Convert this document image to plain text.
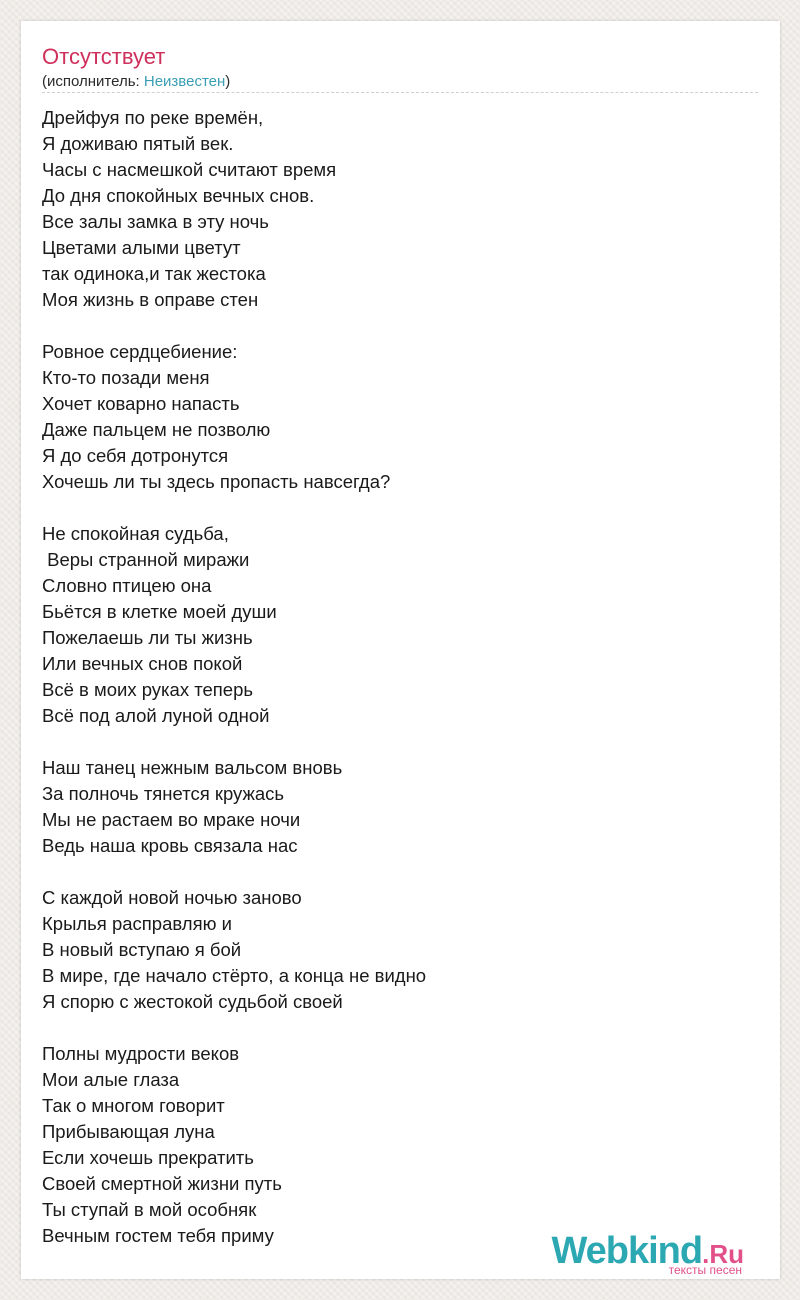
Отсутствует
(исполнитель: Неизвестен)
Дрейфуя по реке времён,
Я доживаю пятый век.
Часы с насмешкой считают время
До дня спокойных вечных снов.
Все залы замка в эту ночь
Цветами алыми цветут
так одинока,и так жестока
Моя жизнь в оправе стен
Ровное сердцебиение:
Кто-то позади меня
Хочет коварно напасть
Даже пальцем не позволю
Я до себя дотронутся
Хочешь ли ты здесь пропасть навсегда?
Не спокойная судьба,
Веры странной миражи
Словно птицею она
Бьётся в клетке моей души
Пожелаешь ли ты жизнь
Или вечных снов покой
Всё в моих руках теперь
Всё под алой луной одной
Наш танец нежным вальсом вновь
За полночь тянется кружась
Мы не растаем во мраке ночи
Ведь наша кровь связала нас
С каждой новой ночью заново
Крылья расправляю и
В новый вступаю я бой
В мире, где начало стёрто, а конца не видно
Я спорю с жестокой судьбой своей
Полны мудрости веков
Мои алые глаза
Так о многом говорит
Прибывающая луна
Если хочешь прекратить
Своей смертной жизни путь
Ты ступай в мой особняк
Вечным гостем тебя приму	Webkind.Ru
тексты песен
